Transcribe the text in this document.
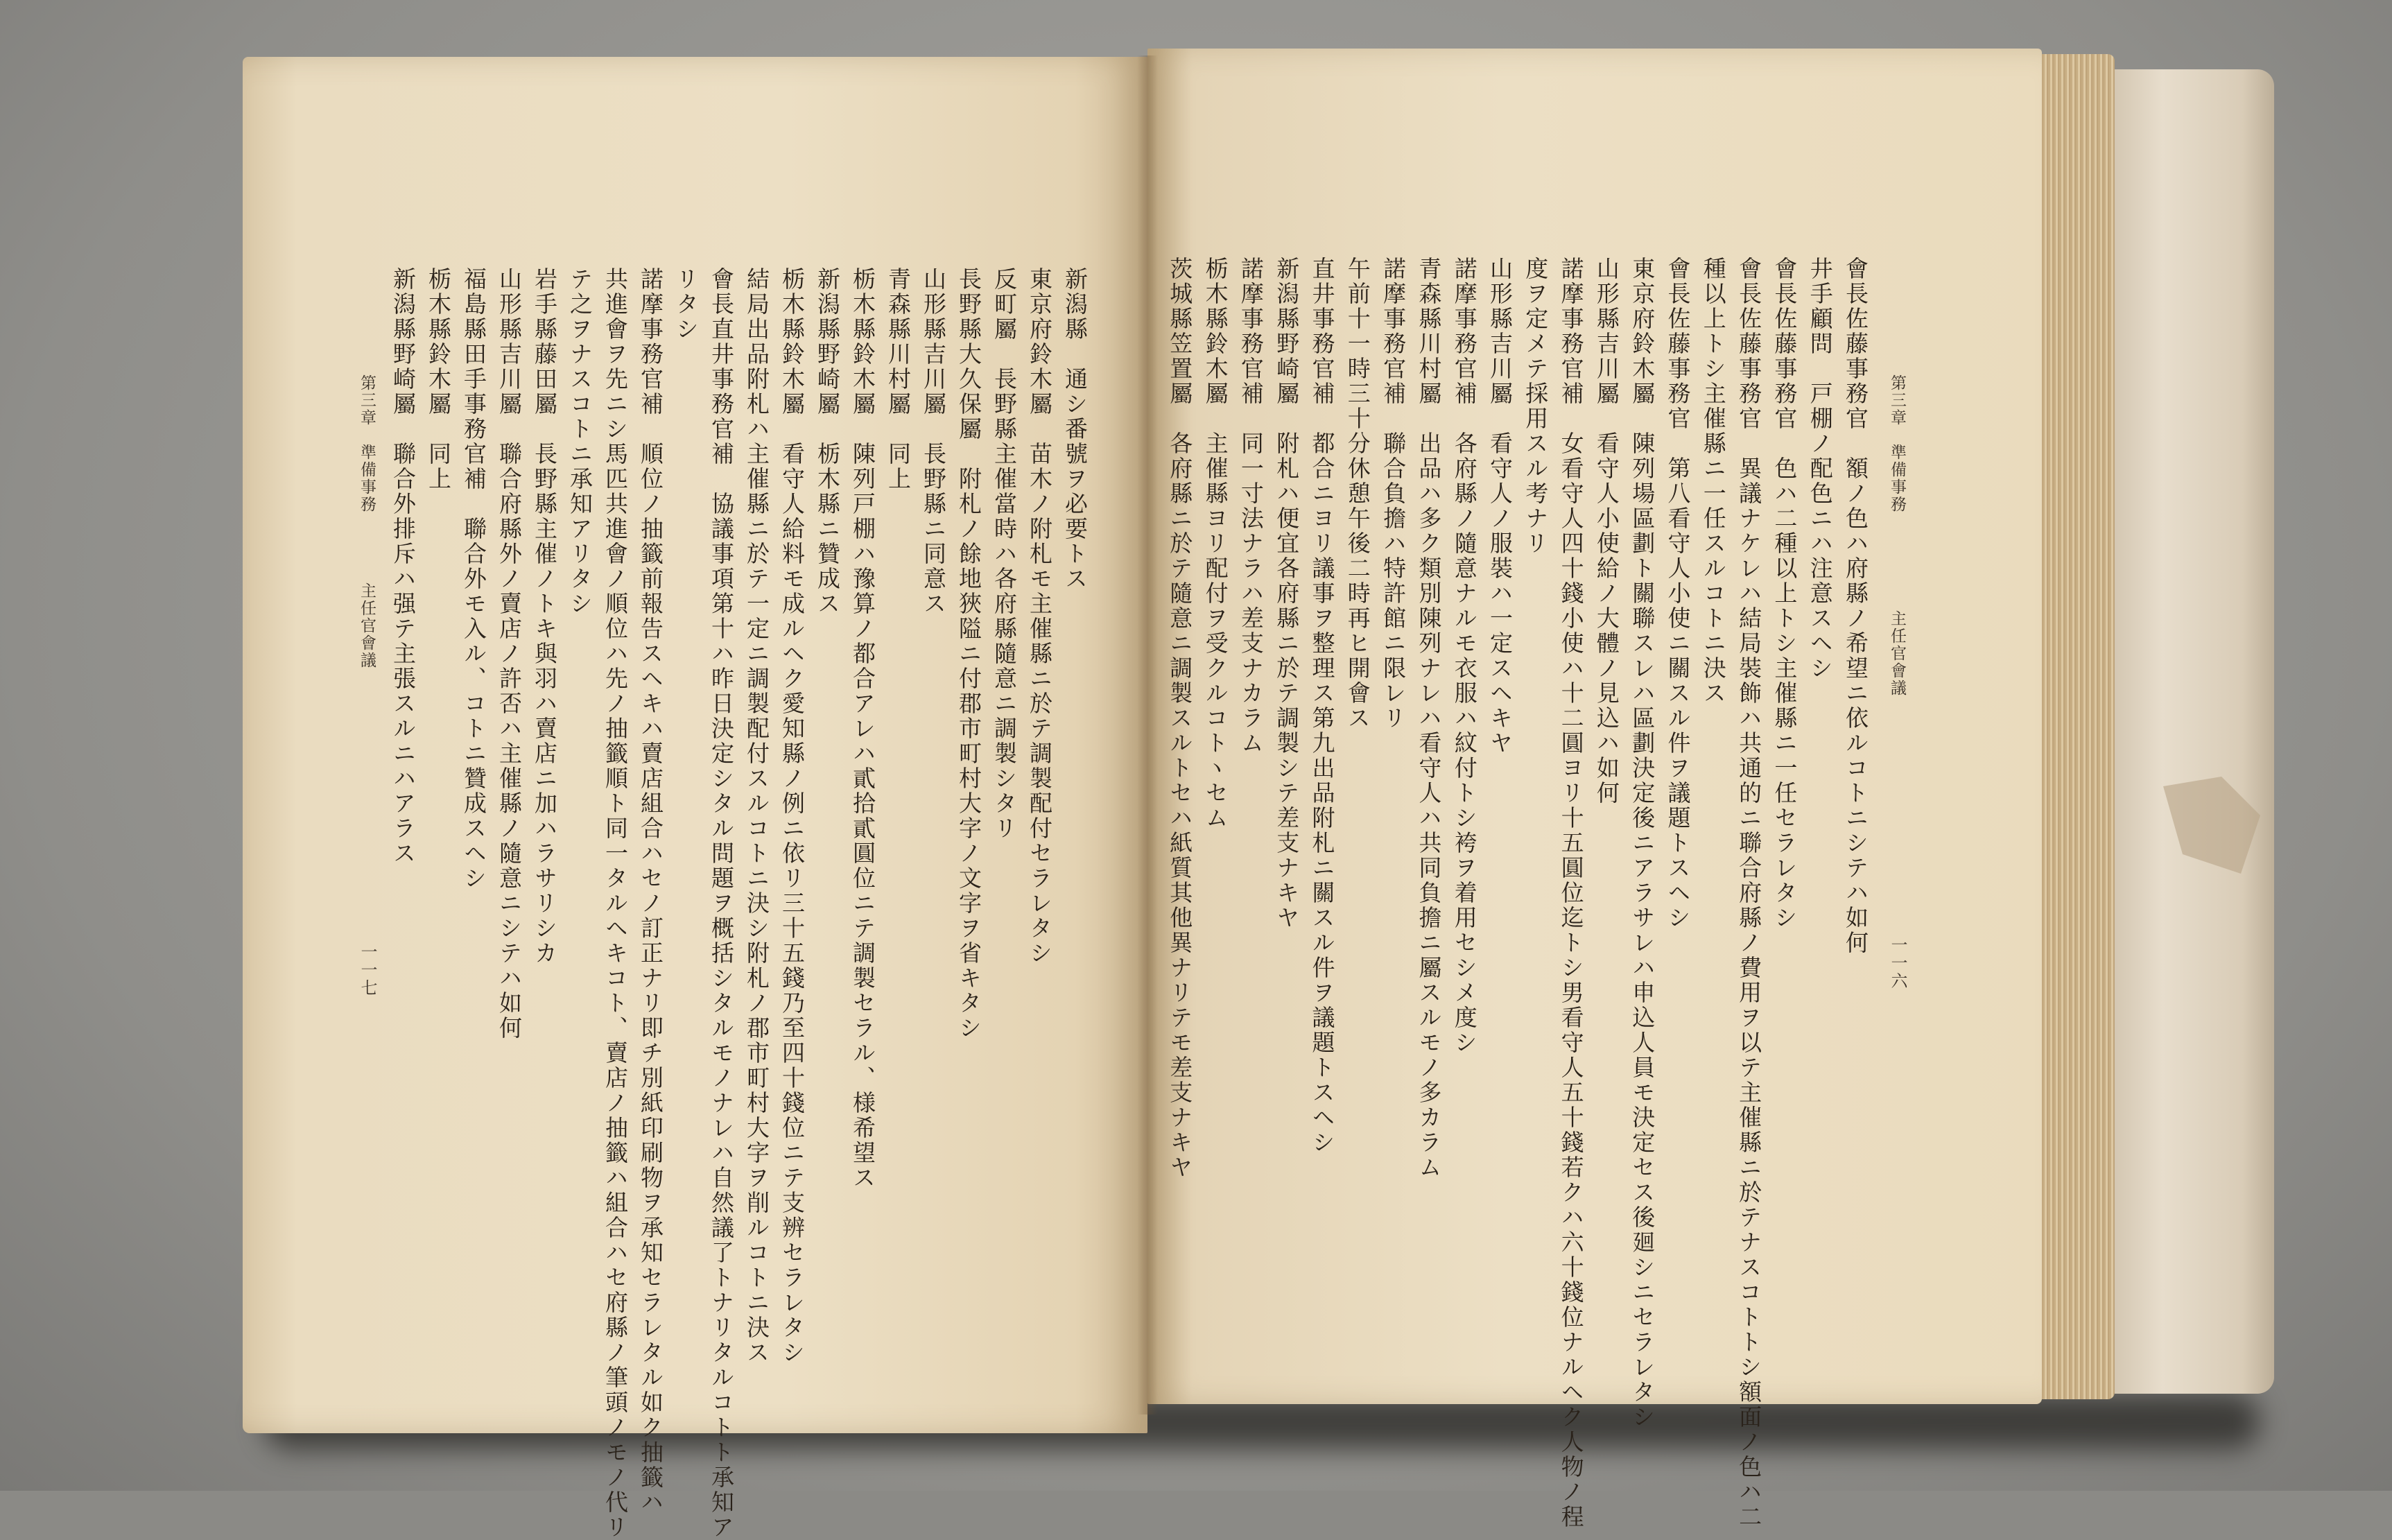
第三章
準備事務
主任官會議
一一六
會長佐藤事務官　額ノ色ハ府縣ノ希望ニ依ルコトニシテハ如何
井手顧問　戸棚ノ配色ニハ注意スヘシ
會長佐藤事務官　色ハ二種以上トシ主催縣ニ一任セラレタシ
會長佐藤事務官　異議ナケレハ結局裝飾ハ共通的ニ聯合府縣ノ費用ヲ以テ主催縣ニ於テナスコトトシ額面ノ色ハ二
種以上トシ主催縣ニ一任スルコトニ決ス
會長佐藤事務官　第八看守人小使ニ關スル件ヲ議題トスヘシ
東京府鈴木屬　陳列場區劃ト關聯スレハ區劃決定後ニアラサレハ申込人員モ決定セス後廻シニセラレタシ
山形縣吉川屬　看守人小使給ノ大體ノ見込ハ如何
諾摩事務官補　女看守人四十錢小使ハ十二圓ヨリ十五圓位迄トシ男看守人五十錢若クハ六十錢位ナルヘク人物ノ程
度ヲ定メテ採用スル考ナリ
山形縣吉川屬　看守人ノ服裝ハ一定スヘキヤ
諾摩事務官補　各府縣ノ隨意ナルモ衣服ハ紋付トシ袴ヲ着用セシメ度シ
青森縣川村屬　出品ハ多ク類別陳列ナレハ看守人ハ共同負擔ニ屬スルモノ多カラム
諾摩事務官補　聯合負擔ハ特許館ニ限レリ
午前十一時三十分休憩午後二時再ヒ開會ス
直井事務官補　都合ニヨリ議事ヲ整理ス第九出品附札ニ關スル件ヲ議題トスヘシ
新潟縣野崎屬　附札ハ便宜各府縣ニ於テ調製シテ差支ナキヤ
諾摩事務官補　同一寸法ナラハ差支ナカラム
栃木縣鈴木屬　主催縣ヨリ配付ヲ受クルコトヽセム
茨城縣笠置屬　各府縣ニ於テ隨意ニ調製スルトセハ紙質其他異ナリテモ差支ナキヤ
第三章
準備事務
主任官會議
一一七
新潟縣　通シ番號ヲ必要トス
東京府鈴木屬　苗木ノ附札モ主催縣ニ於テ調製配付セラレタシ
反町屬　長野縣主催當時ハ各府縣隨意ニ調製シタリ
長野縣大久保屬　附札ノ餘地狹隘ニ付郡市町村大字ノ文字ヲ省キタシ
山形縣吉川屬　長野縣ニ同意ス
青森縣川村屬　同上
栃木縣鈴木屬　陳列戸棚ハ豫算ノ都合アレハ貳拾貳圓位ニテ調製セラル、様希望ス
新潟縣野崎屬　栃木縣ニ贊成ス
栃木縣鈴木屬　看守人給料モ成ルヘク愛知縣ノ例ニ依リ三十五錢乃至四十錢位ニテ支辨セラレタシ
結局出品附札ハ主催縣ニ於テ一定ニ調製配付スルコトニ決シ附札ノ郡市町村大字ヲ削ルコトニ決ス
會長直井事務官補　協議事項第十ハ昨日決定シタル問題ヲ概括シタルモノナレハ自然議了トナリタルコトト承知ア
リタシ
諾摩事務官補　順位ノ抽籤前報告スヘキハ賣店組合ハセノ訂正ナリ即チ別紙印刷物ヲ承知セラレタル如ク抽籤ハ
共進會ヲ先ニシ馬匹共進會ノ順位ハ先ノ抽籤順ト同一タルヘキコト、賣店ノ抽籤ハ組合ハセ府縣ノ筆頭ノモノ代リ
テ之ヲナスコトニ承知アリタシ
岩手縣藤田屬　長野縣主催ノトキ與羽ハ賣店ニ加ハラサリシカ
山形縣吉川屬　聯合府縣外ノ賣店ノ許否ハ主催縣ノ隨意ニシテハ如何
福島縣田手事務官補　聯合外モ入ル、コトニ贊成スヘシ
栃木縣鈴木屬　同上
新潟縣野崎屬　聯合外排斥ハ强テ主張スルニハアラス
